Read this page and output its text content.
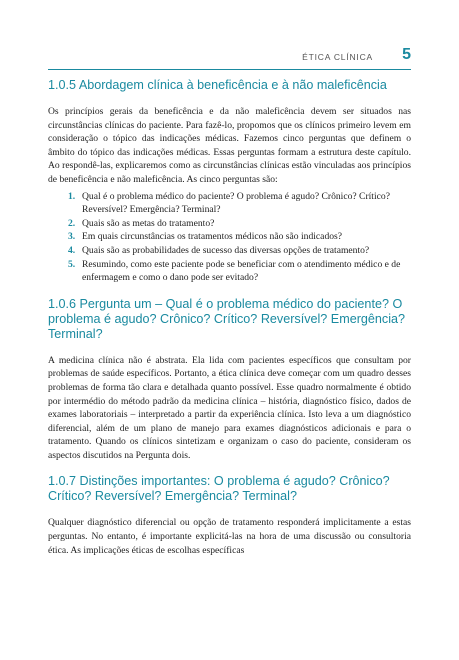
ÉTICA CLÍNICA 5
1.0.5 Abordagem clínica à beneficência e à não maleficência

Os princípios gerais da beneficência e da não maleficência devem ser situados nas circunstâncias clínicas do paciente. Para fazê-lo, propomos que os clínicos primeiro levem em consideração o tópico das indicações médicas. Fazemos cinco perguntas que definem o âmbito do tópico das indicações médicas. Essas perguntas formam a estrutura deste capítulo. Ao respondê-las, explicaremos como as circunstâncias clínicas estão vinculadas aos princípios de beneficência e não maleficência. As cinco perguntas são:

1. Qual é o problema médico do paciente? O problema é agudo? Crônico? Crítico? Reversível? Emergência? Terminal?
2. Quais são as metas do tratamento?
3. Em quais circunstâncias os tratamentos médicos não são indicados?
4. Quais são as probabilidades de sucesso das diversas opções de tratamento?
5. Resumindo, como este paciente pode se beneficiar com o atendimento médico e de enfermagem e como o dano pode ser evitado?
1.0.6 Pergunta um – Qual é o problema médico do paciente? O problema é agudo? Crônico? Crítico? Reversível? Emergência? Terminal?

A medicina clínica não é abstrata. Ela lida com pacientes específicos que consultam por problemas de saúde específicos. Portanto, a ética clínica deve começar com um quadro desses problemas de forma tão clara e detalhada quanto possível. Esse quadro normalmente é obtido por intermédio do método padrão da medicina clínica – história, diagnóstico físico, dados de exames laboratoriais – interpretado a partir da experiência clínica. Isto leva a um diagnóstico diferencial, além de um plano de manejo para exames diagnósticos adicionais e para o tratamento. Quando os clínicos sintetizam e organizam o caso do paciente, consideram os aspectos discutidos na Pergunta dois.

1.0.7 Distinções importantes: O problema é agudo? Crônico? Crítico? Reversível? Emergência? Terminal?

Qualquer diagnóstico diferencial ou opção de tratamento responderá implicitamente a estas perguntas. No entanto, é importante explicitá-las na hora de uma discussão ou consultoria ética. As implicações éticas de escolhas específicas
